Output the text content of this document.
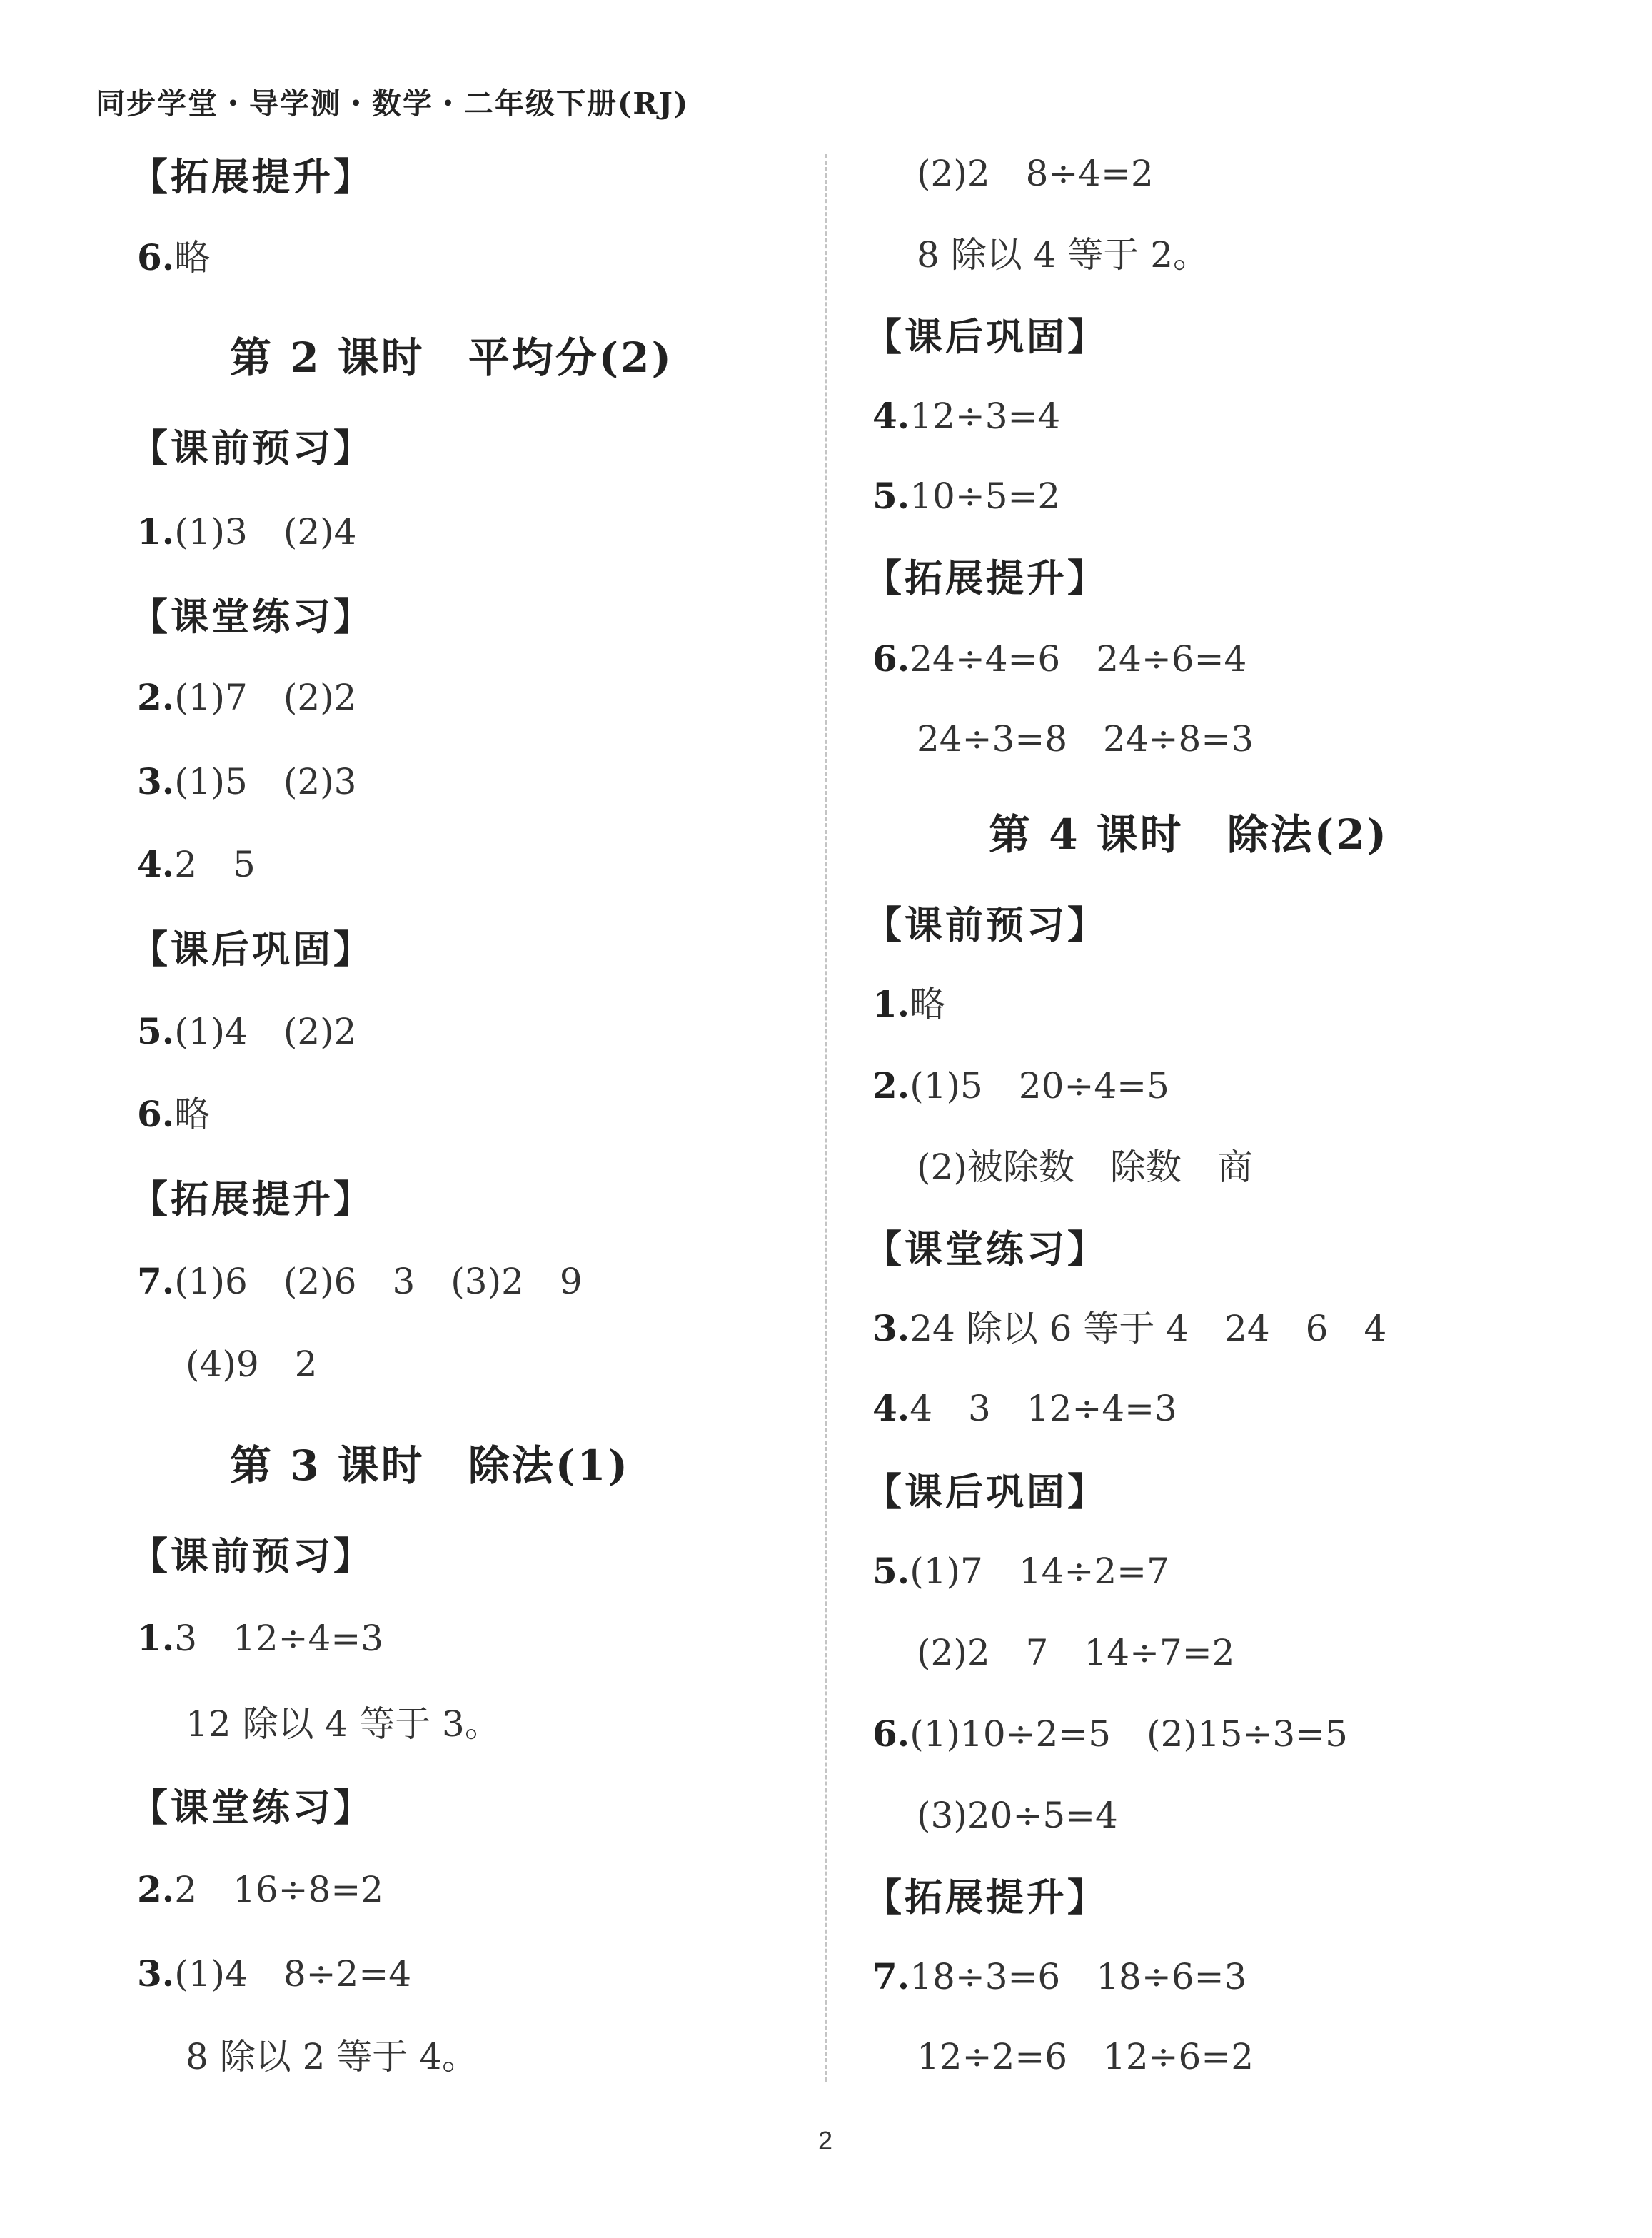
同步学堂・导学测・数学・二年级下册(RJ)
【拓展提升】
6.略
第 2 课时　平均分(2)
【课前预习】
1.(1)3　(2)4
【课堂练习】
2.(1)7　(2)2
3.(1)5　(2)3
4.2　5
【课后巩固】
5.(1)4　(2)2
6.略
【拓展提升】
7.(1)6　(2)6　3　(3)2　9
(4)9　2
第 3 课时　除法(1)
【课前预习】
1.3　12÷4=3
12 除以 4 等于 3。
【课堂练习】
2.2　16÷8=2
3.(1)4　8÷2=4
8 除以 2 等于 4。
(2)2　8÷4=2
8 除以 4 等于 2。
【课后巩固】
4.12÷3=4
5.10÷5=2
【拓展提升】
6.24÷4=6　24÷6=4
24÷3=8　24÷8=3
第 4 课时　除法(2)
【课前预习】
1.略
2.(1)5　20÷4=5
(2)被除数　除数　商
【课堂练习】
3.24 除以 6 等于 4　24　6　4
4.4　3　12÷4=3
【课后巩固】
5.(1)7　14÷2=7
(2)2　7　14÷7=2
6.(1)10÷2=5　(2)15÷3=5
(3)20÷5=4
【拓展提升】
7.18÷3=6　18÷6=3
12÷2=6　12÷6=2
2
